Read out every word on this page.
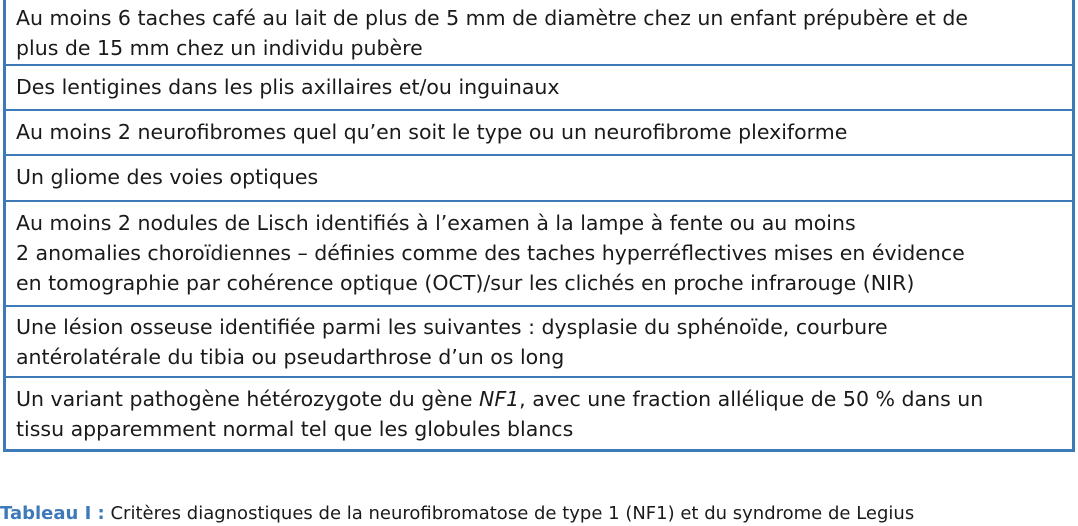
Au moins 6 taches café au lait de plus de 5 mm de diamètre chez un enfant prépubère et de
plus de 15 mm chez un individu pubère
Des lentigines dans les plis axillaires et/ou inguinaux
Au moins 2 neurofibromes quel qu’en soit le type ou un neurofibrome plexiforme
Un gliome des voies optiques
Au moins 2 nodules de Lisch identifiés à l’examen à la lampe à fente ou au moins
2 anomalies choroïdiennes – définies comme des taches hyperréflectives mises en évidence
en tomographie par cohérence optique (OCT)/sur les clichés en proche infrarouge (NIR)
Une lésion osseuse identifiée parmi les suivantes : dysplasie du sphénoïde, courbure
antérolatérale du tibia ou pseudarthrose d’un os long
Un variant pathogène hétérozygote du gène NF1, avec une fraction allélique de 50 % dans un
tissu apparemment normal tel que les globules blancs
Tableau I : Critères diagnostiques de la neurofibromatose de type 1 (NF1) et du syndrome de Legius
